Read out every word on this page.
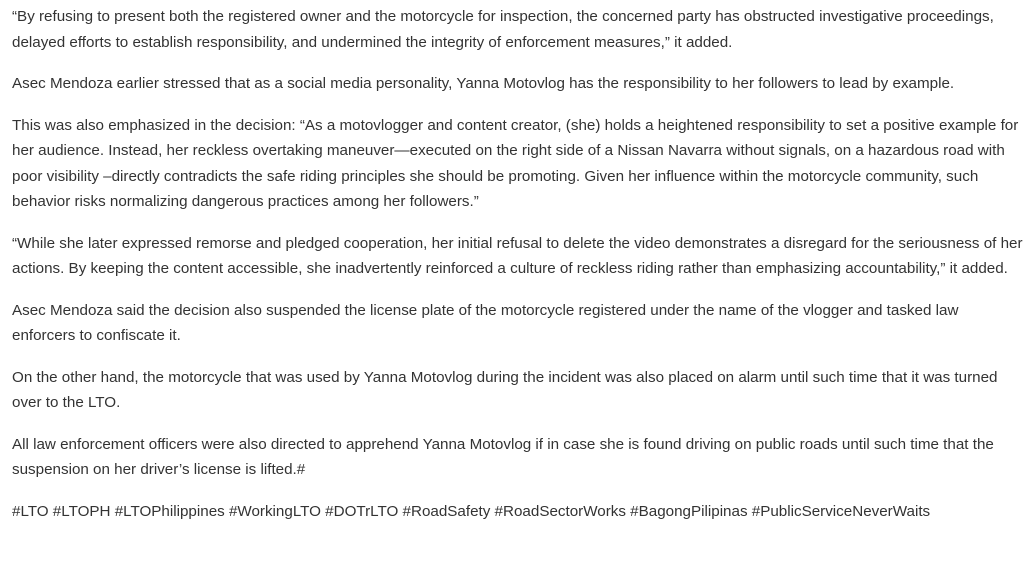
“By refusing to present both the registered owner and the motorcycle for inspection, the concerned party has obstructed investigative proceedings, delayed efforts to establish responsibility, and undermined the integrity of enforcement measures,” it added.

Asec Mendoza earlier stressed that as a social media personality, Yanna Motovlog has the responsibility to her followers to lead by example.

This was also emphasized in the decision: “As a motovlogger and content creator, (she) holds a heightened responsibility to set a positive example for her audience. Instead, her reckless overtaking maneuver—executed on the right side of a Nissan Navarra without signals, on a hazardous road with poor visibility –directly contradicts the safe riding principles she should be promoting. Given her influence within the motorcycle community, such behavior risks normalizing dangerous practices among her followers.”

“While she later expressed remorse and pledged cooperation, her initial refusal to delete the video demonstrates a disregard for the seriousness of her actions. By keeping the content accessible, she inadvertently reinforced a culture of reckless riding rather than emphasizing accountability,” it added.

Asec Mendoza said the decision also suspended the license plate of the motorcycle registered under the name of the vlogger and tasked law enforcers to confiscate it.

On the other hand, the motorcycle that was used by Yanna Motovlog during the incident was also placed on alarm until such time that it was turned over to the LTO.

All law enforcement officers were also directed to apprehend Yanna Motovlog if in case she is found driving on public roads until such time that the suspension on her driver’s license is lifted.#

#LTO #LTOPH #LTOPhilippines #WorkingLTO #DOTrLTO #RoadSafety #RoadSectorWorks #BagongPilipinas #PublicServiceNeverWaits
